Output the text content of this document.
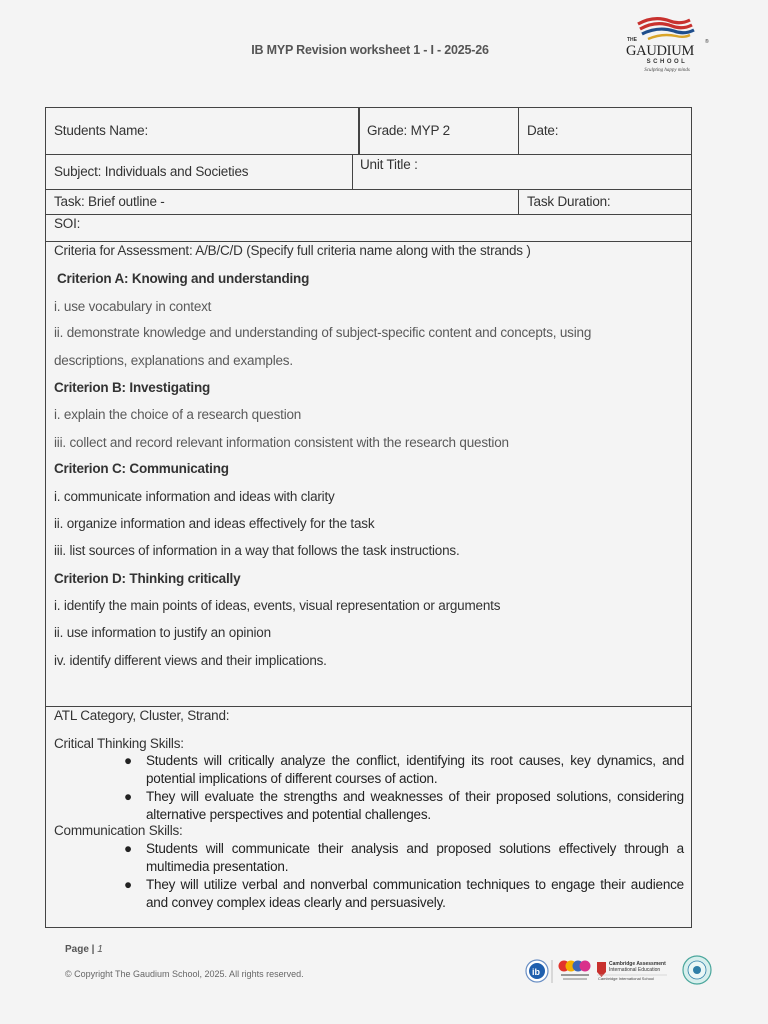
IB MYP Revision worksheet 1 - I - 2025-26
THE
GAUDIUM
®
SCHOOL
Sculpting happy minds
Students Name:	Grade: MYP 2	Date:
Subject: Individuals and Societies	Unit Title :
Task: Brief outline -	Task Duration:
SOI:
Criteria for Assessment: A/B/C/D (Specify full criteria name along with the strands )
Criterion A: Knowing and understanding
i. use vocabulary in context
ii. demonstrate knowledge and understanding of subject-specific content and concepts, using
descriptions, explanations and examples.
Criterion B: Investigating
i. explain the choice of a research question
iii. collect and record relevant information consistent with the research question
Criterion C: Communicating
i. communicate information and ideas with clarity
ii. organize information and ideas effectively for the task
iii. list sources of information in a way that follows the task instructions.
Criterion D: Thinking critically
i. identify the main points of ideas, events, visual representation or arguments
ii. use information to justify an opinion
iv. identify different views and their implications.
ATL Category, Cluster, Strand:
Critical Thinking Skills:
● Students will critically analyze the conflict, identifying its root causes, key dynamics, and potential implications of different courses of action.
● They will evaluate the strengths and weaknesses of their proposed solutions, considering alternative perspectives and potential challenges.
Communication Skills:
● Students will communicate their analysis and proposed solutions effectively through a multimedia presentation.
● They will utilize verbal and nonverbal communication techniques to engage their audience and convey complex ideas clearly and persuasively.
Page | 1
© Copyright The Gaudium School, 2025. All rights reserved.	ib
Cambridge Assessment
International Education
Cambridge International School
